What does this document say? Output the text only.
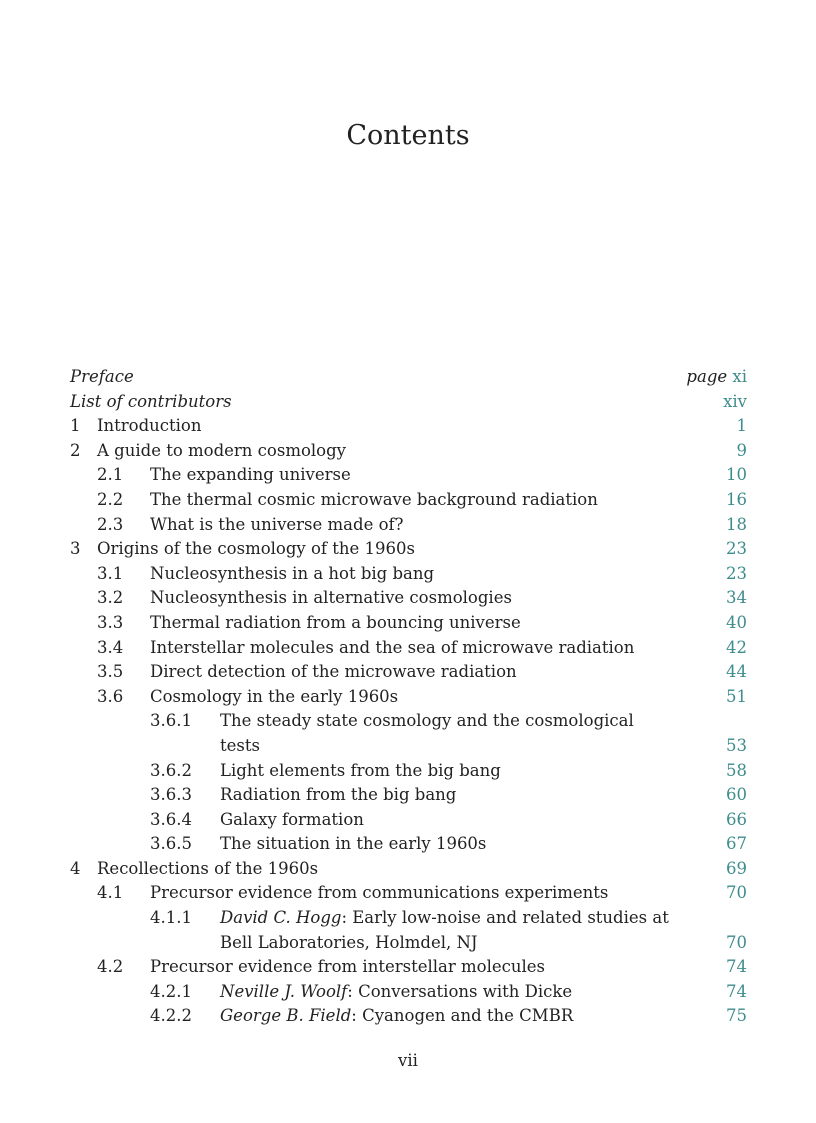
Contents
Preface	page xi
List of contributors	xiv
1 Introduction	1
2 A guide to modern cosmology	9
2.1 The expanding universe	10
2.2 The thermal cosmic microwave background radiation	16
2.3 What is the universe made of?	18
3 Origins of the cosmology of the 1960s	23
3.1 Nucleosynthesis in a hot big bang	23
3.2 Nucleosynthesis in alternative cosmologies	34
3.3 Thermal radiation from a bouncing universe	40
3.4 Interstellar molecules and the sea of microwave radiation	42
3.5 Direct detection of the microwave radiation	44
3.6 Cosmology in the early 1960s	51
3.6.1 The steady state cosmology and the cosmological tests	53
3.6.2 Light elements from the big bang	58
3.6.3 Radiation from the big bang	60
3.6.4 Galaxy formation	66
3.6.5 The situation in the early 1960s	67
4 Recollections of the 1960s	69
4.1 Precursor evidence from communications experiments	70
4.1.1 David C. Hogg: Early low-noise and related studies at Bell Laboratories, Holmdel, NJ	70
4.2 Precursor evidence from interstellar molecules	74
4.2.1 Neville J. Woolf: Conversations with Dicke	74
4.2.2 George B. Field: Cyanogen and the CMBR	75
vii
